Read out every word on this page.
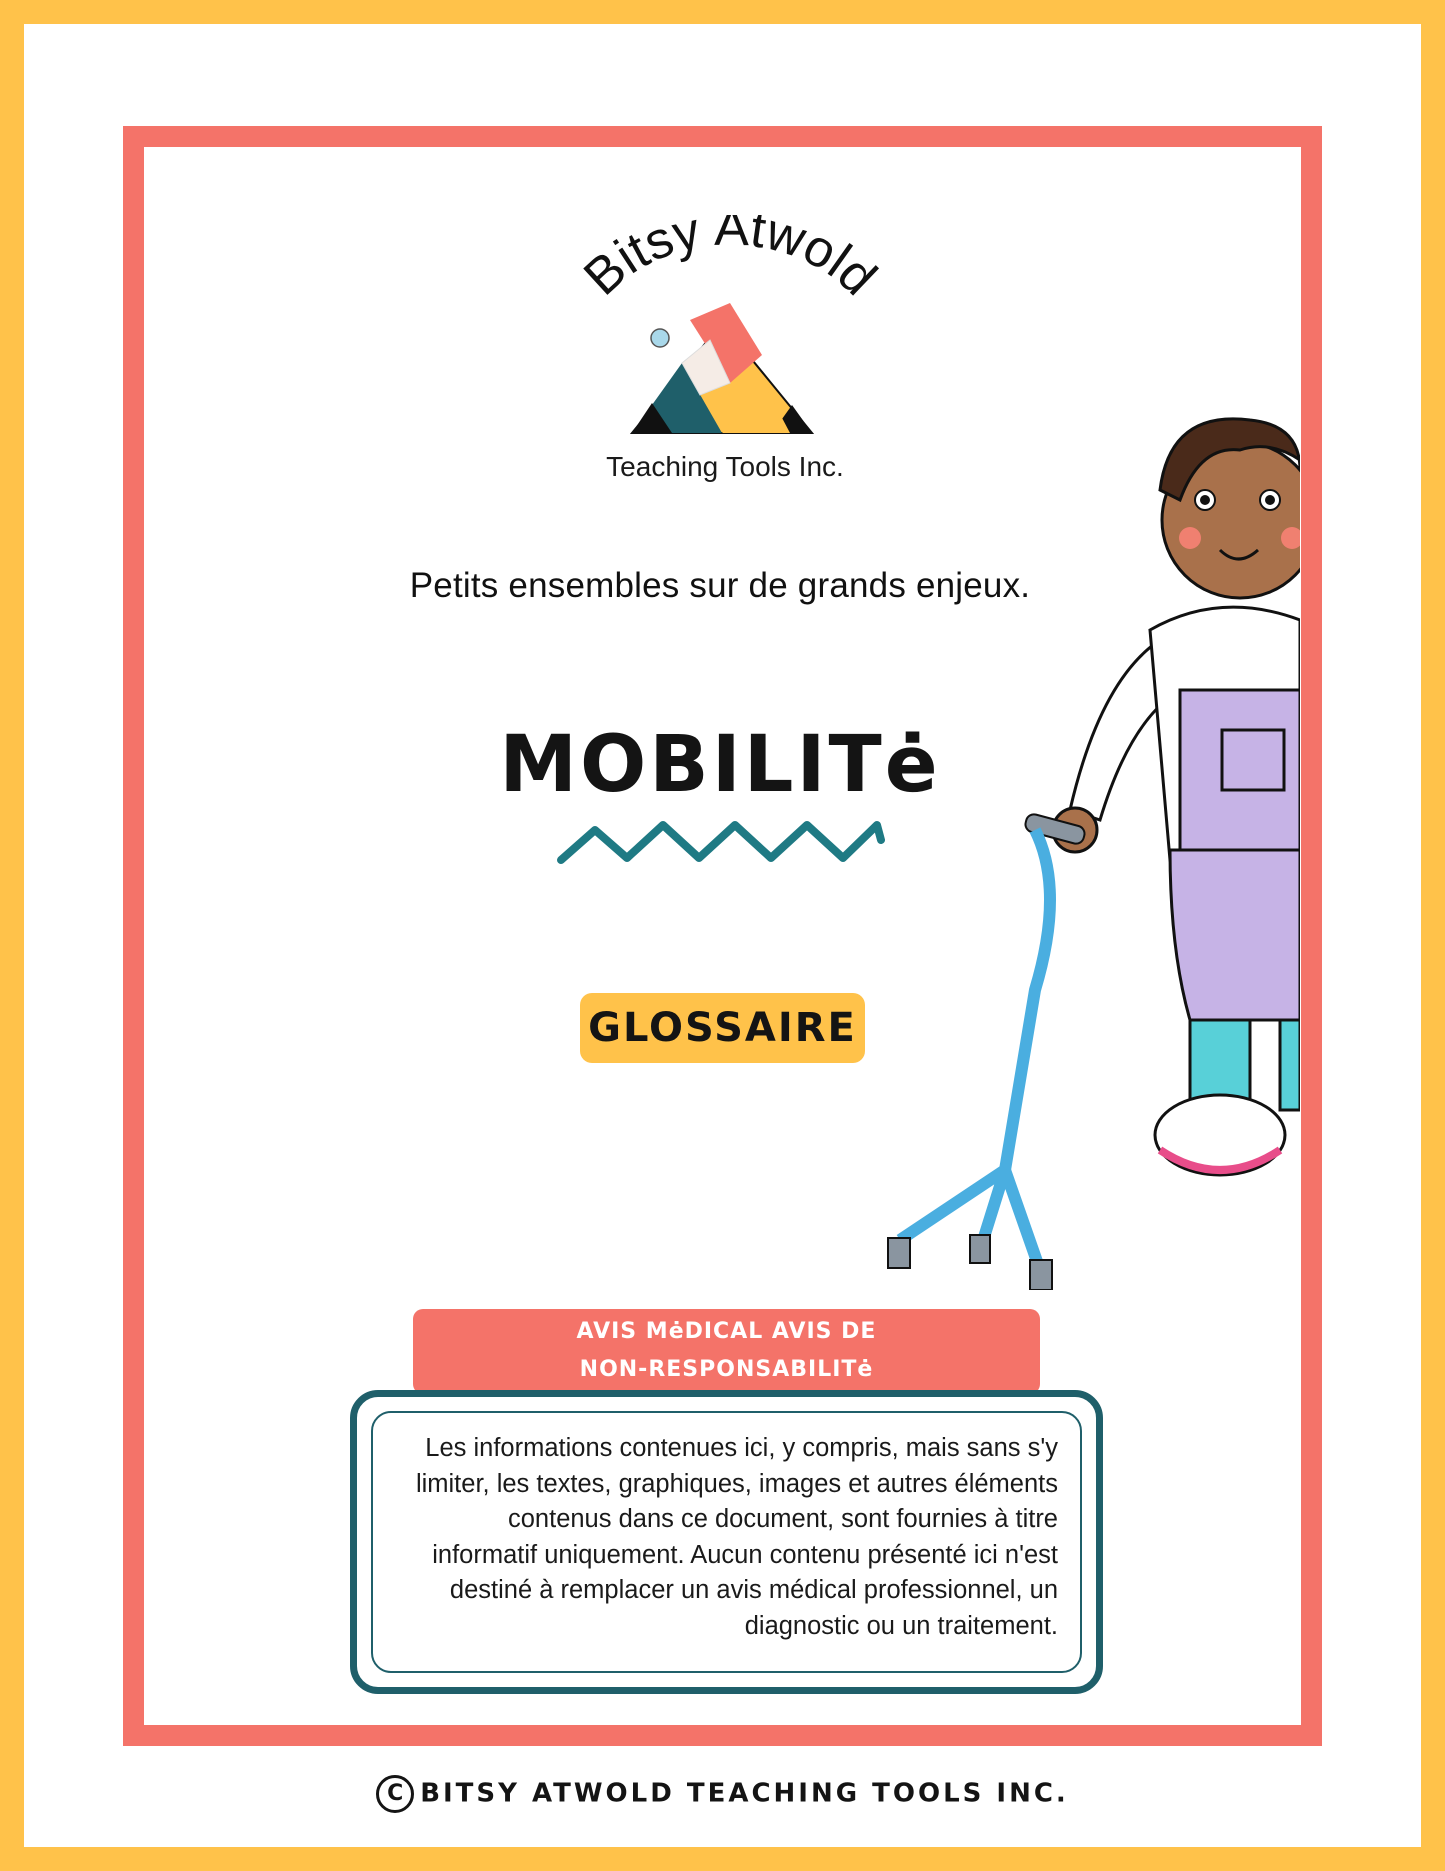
Bitsy Atwold
Teaching Tools Inc.
Petits ensembles sur de grands enjeux.
MOBILITė
GLOSSAIRE
AVIS MėDICAL AVIS DE
NON-RESPONSABILITė
Les informations contenues ici, y compris, mais sans s'y limiter, les textes, graphiques, images et autres éléments contenus dans ce document, sont fournies à titre informatif uniquement. Aucun contenu présenté ici n'est destiné à remplacer un avis médical professionnel, un diagnostic ou un traitement.
C BITSY ATWOLD TEACHING TOOLS INC.
